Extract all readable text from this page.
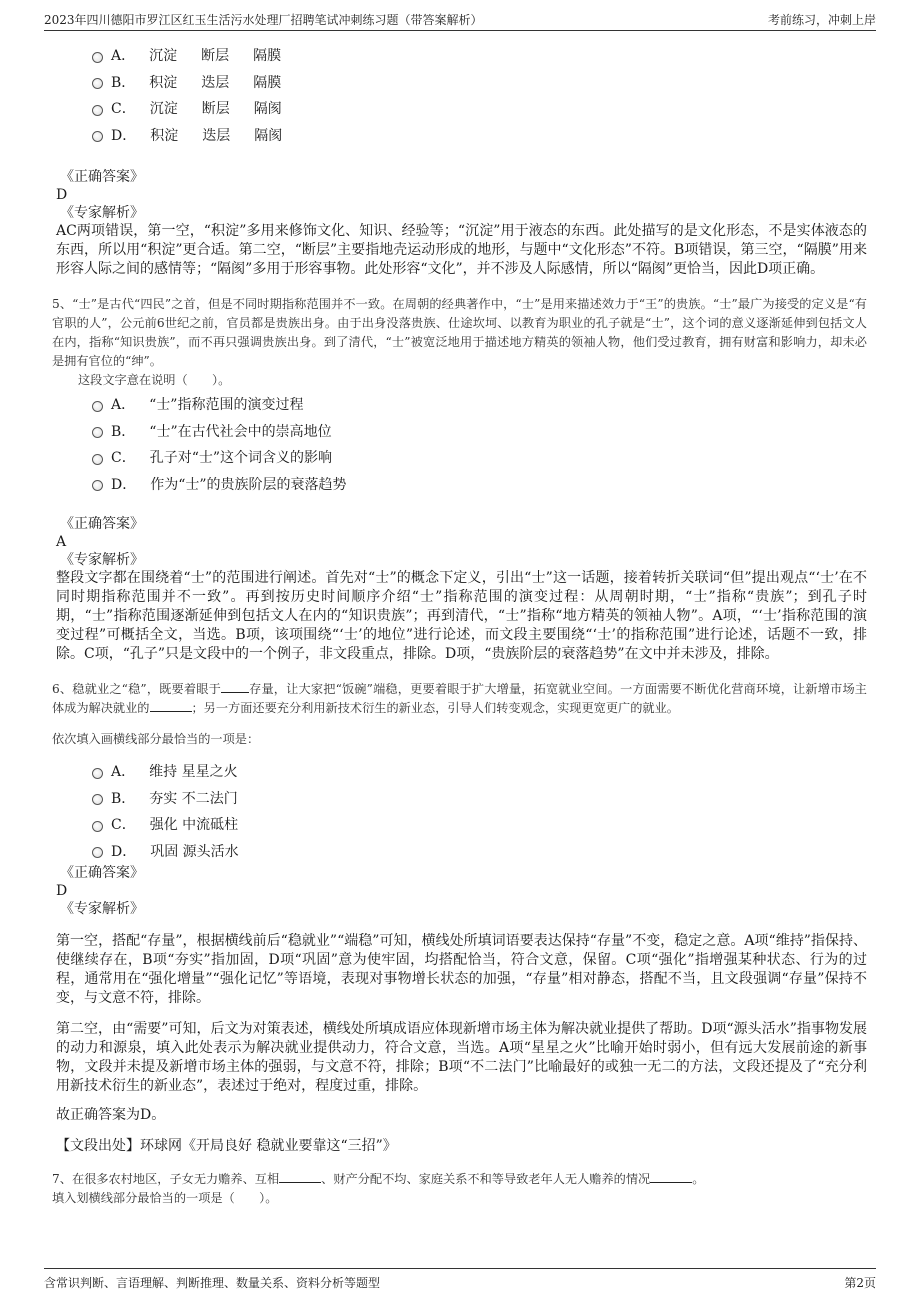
2023年四川德阳市罗江区红玉生活污水处理厂招聘笔试冲刺练习题（带答案解析）	考前练习，冲刺上岸
A． 沉淀 断层 隔膜
B． 积淀 迭层 隔膜
C． 沉淀 断层 隔阂
D． 积淀 迭层 隔阂
《正确答案》
D
《专家解析》
AC两项错误，第一空，“积淀”多用来修饰文化、知识、经验等；“沉淀”用于液态的东西。此处描写的是文化形态，不是实体液态的东西，所以用“积淀”更合适。第二空，“断层”主要指地壳运动形成的地形，与题中“文化形态”不符。B项错误，第三空，“隔膜”用来形容人际之间的感情等；“隔阂”多用于形容事物。此处形容“文化”，并不涉及人际感情，所以“隔阂”更恰当，因此D项正确。
5、“士”是古代“四民”之首，但是不同时期指称范围并不一致。在周朝的经典著作中，“士”是用来描述效力于“王”的贵族。“士”最广为接受的定义是“有官职的人”，公元前6世纪之前，官员都是贵族出身。由于出身没落贵族、仕途坎坷、以教育为职业的孔子就是“士”，这个词的意义逐渐延伸到包括文人在内，指称“知识贵族”，而不再只强调贵族出身。到了清代，“士”被宽泛地用于描述地方精英的领袖人物，他们受过教育，拥有财富和影响力，却未必是拥有官位的“绅”。
这段文字意在说明（　　）。
A． “士”指称范围的演变过程
B． “士”在古代社会中的崇高地位
C． 孔子对“士”这个词含义的影响
D． 作为“士”的贵族阶层的衰落趋势
《正确答案》
A
《专家解析》
整段文字都在围绕着“士”的范围进行阐述。首先对“士”的概念下定义，引出“士”这一话题，接着转折关联词“但”提出观点“‘士’在不同时期指称范围并不一致”。再到按历史时间顺序介绍“士”指称范围的演变过程：从周朝时期，“士”指称“贵族”；到孔子时期，“士”指称范围逐渐延伸到包括文人在内的“知识贵族”；再到清代，“士”指称“地方精英的领袖人物”。A项，“‘士’指称范围的演变过程”可概括全文，当选。B项，该项围绕“‘士’的地位”进行论述，而文段主要围绕“‘士’的指称范围”进行论述，话题不一致，排除。C项，“孔子”只是文段中的一个例子，非文段重点，排除。D项，“贵族阶层的衰落趋势”在文中并未涉及，排除。
6、稳就业之“稳”，既要着眼于 存量，让大家把“饭碗”端稳，更要着眼于扩大增量，拓宽就业空间。一方面需要不断优化营商环境，让新增市场主体成为解决就业的	；另一方面还要充分利用新技术衍生的新业态，引导人们转变观念，实现更宽更广的就业。
依次填入画横线部分最恰当的一项是：
A． 维持 星星之火
B． 夯实 不二法门
C． 强化 中流砥柱
D． 巩固 源头活水
《正确答案》
D
《专家解析》
第一空，搭配“存量”，根据横线前后“稳就业”“端稳”可知，横线处所填词语要表达保持“存量”不变，稳定之意。A项“维持”指保持、使继续存在，B项“夯实”指加固，D项“巩固”意为使牢固，均搭配恰当，符合文意，保留。C项“强化”指增强某种状态、行为的过程，通常用在“强化增量”“强化记忆”等语境，表现对事物增长状态的加强，“存量”相对静态，搭配不当，且文段强调“存量”保持不变，与文意不符，排除。
第二空，由“需要”可知，后文为对策表述，横线处所填成语应体现新增市场主体为解决就业提供了帮助。D项“源头活水”指事物发展的动力和源泉，填入此处表示为解决就业提供动力，符合文意，当选。A项“星星之火”比喻开始时弱小，但有远大发展前途的新事物，文段并未提及新增市场主体的强弱，与文意不符，排除；B项“不二法门”比喻最好的或独一无二的方法，文段还提及了“充分利用新技术衍生的新业态”，表述过于绝对，程度过重，排除。
故正确答案为D。
【文段出处】环球网《开局良好 稳就业要靠这“三招”》
7、在很多农村地区，子女无力赡养、互相	、财产分配不均、家庭关系不和等导致老年人无人赡养的情况	。
填入划横线部分最恰当的一项是（　　）。
含常识判断、言语理解、判断推理、数量关系、资料分析等题型	第2页
